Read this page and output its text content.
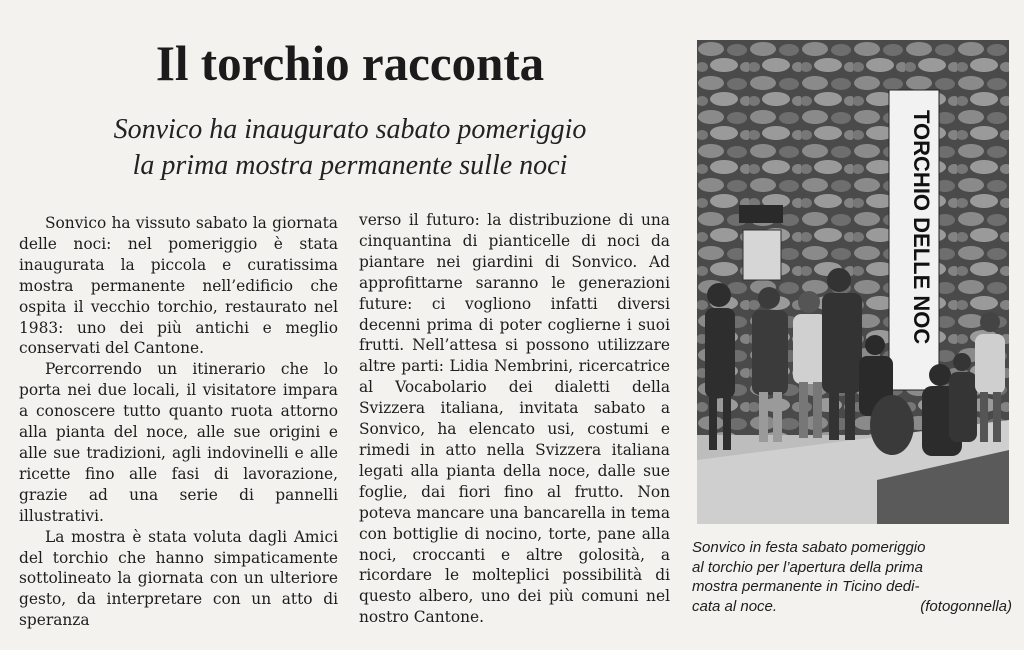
Il torchio racconta
Sonvico ha inaugurato sabato pomeriggio
la prima mostra permanente sulle noci

Sonvico ha vissuto sabato la giornata delle noci: nel pomeriggio è stata inaugurata la piccola e curatissima mostra permanente nell’edificio che ospita il vecchio torchio, restaurato nel 1983: uno dei più antichi e meglio conservati del Cantone.

Percorrendo un itinerario che lo porta nei due locali, il visitatore impara a conoscere tutto quanto ruota attorno alla pianta del noce, alle sue origini e alle sue tradizioni, agli indovinelli e alle ricette fino alle fasi di lavorazione, grazie ad una serie di pannelli illustrativi.

La mostra è stata voluta dagli Amici del torchio che hanno simpaticamente sottolineato la giornata con un ulteriore gesto, da interpretare con un atto di speranza

verso il futuro: la distribuzione di una cinquantina di pianticelle di noci da piantare nei giardini di Sonvico. Ad approfittarne saranno le generazioni future: ci vogliono infatti diversi decenni prima di poter coglierne i suoi frutti. Nell’attesa si possono utilizzare altre parti: Lidia Nembrini, ricercatrice al Vocabolario dei dialetti della Svizzera italiana, invitata sabato a Sonvico, ha elencato usi, costumi e rimedi in atto nella Svizzera italiana legati alla pianta della noce, dalle sue foglie, dai fiori fino al frutto. Non poteva mancare una bancarella in tema con bottiglie di nocino, torte, pane alla noci, croccanti e altre golosità, a ricordare le molteplici possibilità di questo albero, uno dei più comuni nel nostro Cantone.

TORCHIO DELLE NOC
Sonvico in festa sabato pomeriggio
al torchio per l’apertura della prima
mostra permanente in Ticino dedi-
cata al noce.	(fotogonnella)
